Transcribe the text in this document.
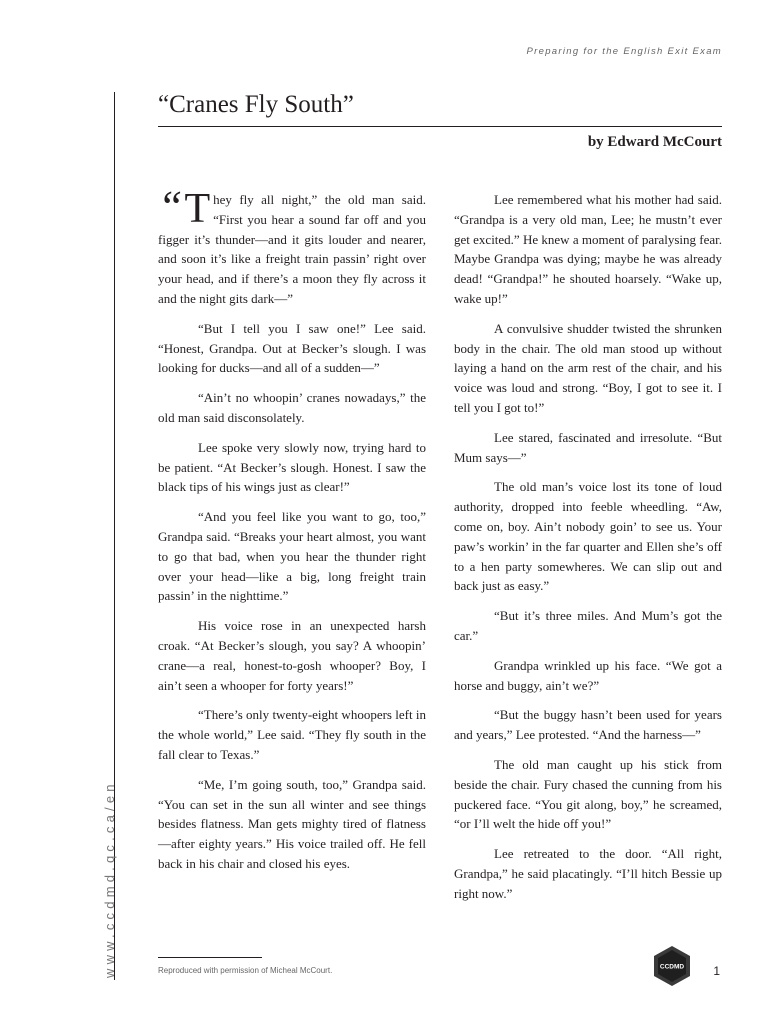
Preparing for the English Exit Exam
www.ccdmd.qc.ca/en
“Cranes Fly South”
by Edward McCourt

“ T hey fly all night,” the old man said. “First you hear a sound far off and you figger it’s thunder—and it gits louder and nearer, and soon it’s like a freight train passin’ right over your head, and if there’s a moon they fly across it and the night gits dark—”

“But I tell you I saw one!” Lee said. “Honest, Grandpa. Out at Becker’s slough. I was looking for ducks—and all of a sudden—”

“Ain’t no whoopin’ cranes nowadays,” the old man said disconsolately.

Lee spoke very slowly now, trying hard to be patient. “At Becker’s slough. Honest. I saw the black tips of his wings just as clear!”

“And you feel like you want to go, too,” Grandpa said. “Breaks your heart almost, you want to go that bad, when you hear the thunder right over your head—like a big, long freight train passin’ in the nighttime.”

His voice rose in an unexpected harsh croak. “At Becker’s slough, you say? A whoopin’ crane—a real, honest-to-gosh whooper? Boy, I ain’t seen a whooper for forty years!”

“There’s only twenty-eight whoopers left in the whole world,” Lee said. “They fly south in the fall clear to Texas.”

“Me, I’m going south, too,” Grandpa said. “You can set in the sun all winter and see things besides flatness. Man gets mighty tired of flatness—after eighty years.” His voice trailed off. He fell back in his chair and closed his eyes.

Lee remembered what his mother had said. “Grandpa is a very old man, Lee; he mustn’t ever get excited.” He knew a moment of paralysing fear. Maybe Grandpa was dying; maybe he was already dead! “Grandpa!” he shouted hoarsely. “Wake up, wake up!”

A convulsive shudder twisted the shrunken body in the chair. The old man stood up without laying a hand on the arm rest of the chair, and his voice was loud and strong. “Boy, I got to see it. I tell you I got to!”

Lee stared, fascinated and irresolute. “But Mum says—”

The old man’s voice lost its tone of loud authority, dropped into feeble wheedling. “Aw, come on, boy. Ain’t nobody goin’ to see us. Your paw’s workin’ in the far quarter and Ellen she’s off to a hen party somewheres. We can slip out and back just as easy.”

“But it’s three miles. And Mum’s got the car.”

Grandpa wrinkled up his face. “We got a horse and buggy, ain’t we?”

“But the buggy hasn’t been used for years and years,” Lee protested. “And the harness—”

The old man caught up his stick from beside the chair. Fury chased the cunning from his puckered face. “You git along, boy,” he screamed, “or I’ll welt the hide off you!”

Lee retreated to the door. “All right, Grandpa,” he said placatingly. “I’ll hitch Bessie up right now.”

Reproduced with permission of Micheal McCourt.	CCDMD 1
